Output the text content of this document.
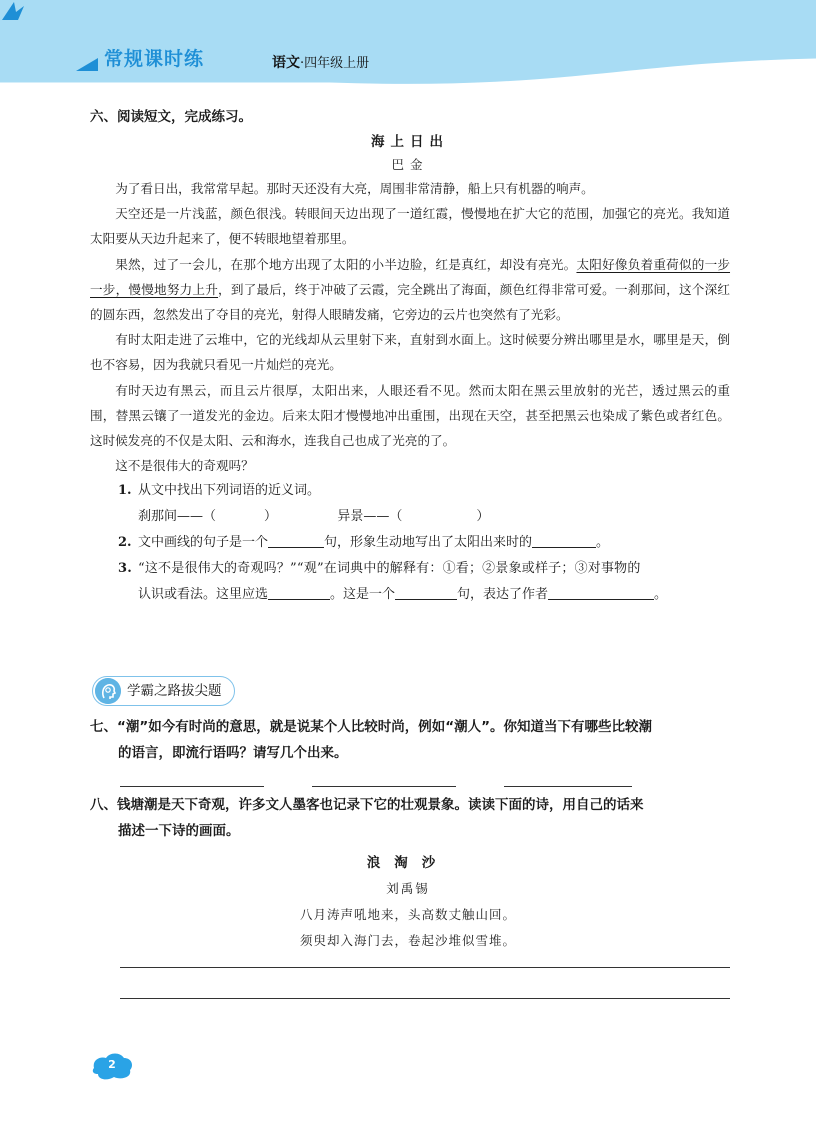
常规课时练	语文·四年级上册

六、阅读短文，完成练习。

海上日出
巴金

为了看日出，我常常早起。那时天还没有大亮，周围非常清静，船上只有机器的响声。

天空还是一片浅蓝，颜色很浅。转眼间天边出现了一道红霞，慢慢地在扩大它的范围，加强它的亮光。我知道太阳要从天边升起来了，便不转眼地望着那里。

果然，过了一会儿，在那个地方出现了太阳的小半边脸，红是真红，却没有亮光。太阳好像负着重荷似的一步一步，慢慢地努力上升，到了最后，终于冲破了云霞，完全跳出了海面，颜色红得非常可爱。一刹那间，这个深红的圆东西，忽然发出了夺目的亮光，射得人眼睛发痛，它旁边的云片也突然有了光彩。

有时太阳走进了云堆中，它的光线却从云里射下来，直射到水面上。这时候要分辨出哪里是水，哪里是天，倒也不容易，因为我就只看见一片灿烂的亮光。

有时天边有黑云，而且云片很厚，太阳出来，人眼还看不见。然而太阳在黑云里放射的光芒，透过黑云的重围，替黑云镶了一道发光的金边。后来太阳才慢慢地冲出重围，出现在天空，甚至把黑云也染成了紫色或者红色。这时候发亮的不仅是太阳、云和海水，连我自己也成了光亮的了。

这不是很伟大的奇观吗？

1. 从文中找出下列词语的近义词。

刹那间——（	）	异景——（	）

2. 文中画线的句子是一个	句，形象生动地写出了太阳出来时的	。

3. “这不是很伟大的奇观吗？”“观”在词典中的解释有：①看；②景象或样子；③对事物的

认识或看法。这里应选	。这是一个	句，表达了作者	。

学霸之路拔尖题

七、“潮”如今有时尚的意思，就是说某个人比较时尚，例如“潮人”。你知道当下有哪些比较潮

的语言，即流行语吗？请写几个出来。

八、钱塘潮是天下奇观，许多文人墨客也记录下它的壮观景象。读读下面的诗，用自己的话来

描述一下诗的画面。

浪淘沙
刘禹锡
八月涛声吼地来，头高数丈触山回。
须臾却入海门去，卷起沙堆似雪堆。
2
